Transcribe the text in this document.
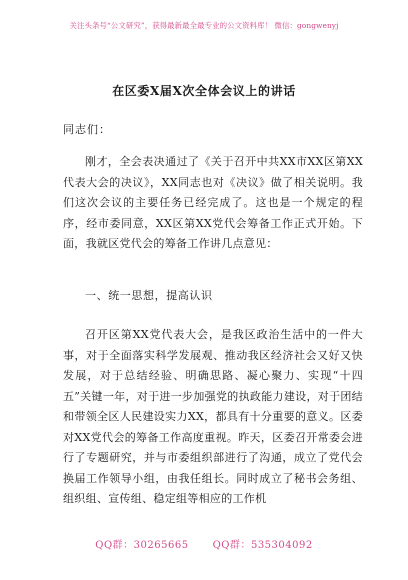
关注头条号“公文研究”，获得最新最全最专业的公文资料库！ 微信：gongwenyj
在区委X届X次全体会议上的讲话
同志们：
刚才，全会表决通过了《关于召开中共XX市XX区第XX代表大会的决议》，XX同志也对《决议》做了相关说明。我们这次会议的主要任务已经完成了。这也是一个规定的程序，经市委同意，XX区第XX党代会筹备工作正式开始。下面，我就区党代会的筹备工作讲几点意见：
一、统一思想，提高认识
召开区第XX党代表大会，是我区政治生活中的一件大事，对于全面落实科学发展观、推动我区经济社会又好又快发展，对于总结经验、明确思路、凝心聚力、实现“十四五”关键一年，对于进一步加强党的执政能力建设，对于团结和带领全区人民建设实力XX，都具有十分重要的意义。区委对XX党代会的筹备工作高度重视。昨天，区委召开常委会进行了专题研究，并与市委组织部进行了沟通，成立了党代会换届工作领导小组，由我任组长。同时成立了秘书会务组、组织组、宣传组、稳定组等相应的工作机
QQ群：30265665 QQ群：535304092
